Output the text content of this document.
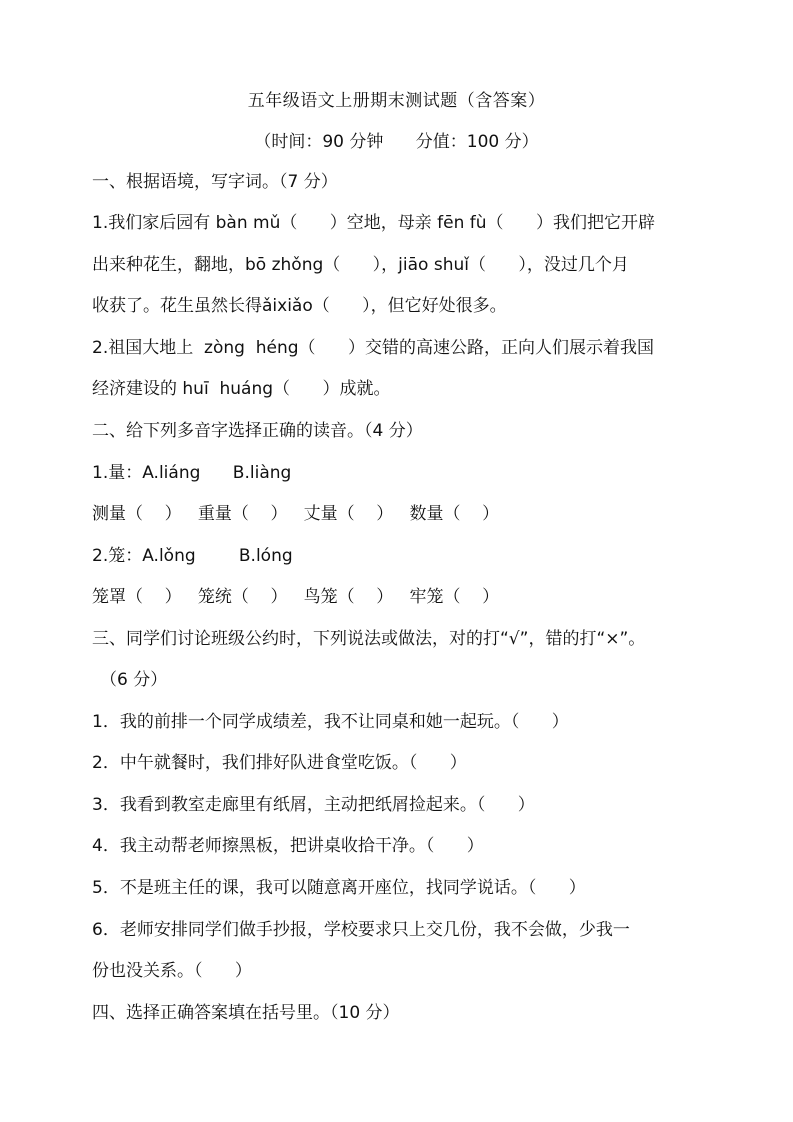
五年级语文上册期末测试题（含答案）
（时间：90 分钟      分值：100 分）
一、根据语境，写字词。（7 分）
1.我们家后园有 bàn mǔ（      ）空地，母亲 fēn fù（      ）我们把它开辟
出来种花生，翻地，bō zhǒng（      ），jiāo shuǐ（      ），没过几个月
收获了。花生虽然长得ǎixiǎo（      ），但它好处很多。
2.祖国大地上  zòng  héng（      ）交错的高速公路，正向人们展示着我国
经济建设的 huī  huáng（      ）成就。
二、给下列多音字选择正确的读音。（4 分）
1.量：A.liáng      B.liàng
测量（    ）   重量（    ）   丈量（    ）   数量（    ）
2.笼：A.lǒng        B.lóng
笼罩（    ）   笼统（    ）   鸟笼（    ）   牢笼（    ）
三、同学们讨论班级公约时，下列说法或做法，对的打“√”，错的打“×”。
（6 分）
1．我的前排一个同学成绩差，我不让同桌和她一起玩。（      ）
2．中午就餐时，我们排好队进食堂吃饭。（      ）
3．我看到教室走廊里有纸屑，主动把纸屑捡起来。（      ）
4．我主动帮老师擦黑板，把讲桌收拾干净。（      ）
5．不是班主任的课，我可以随意离开座位，找同学说话。（      ）
6．老师安排同学们做手抄报，学校要求只上交几份，我不会做，少我一
份也没关系。（      ）
四、选择正确答案填在括号里。（10 分）
